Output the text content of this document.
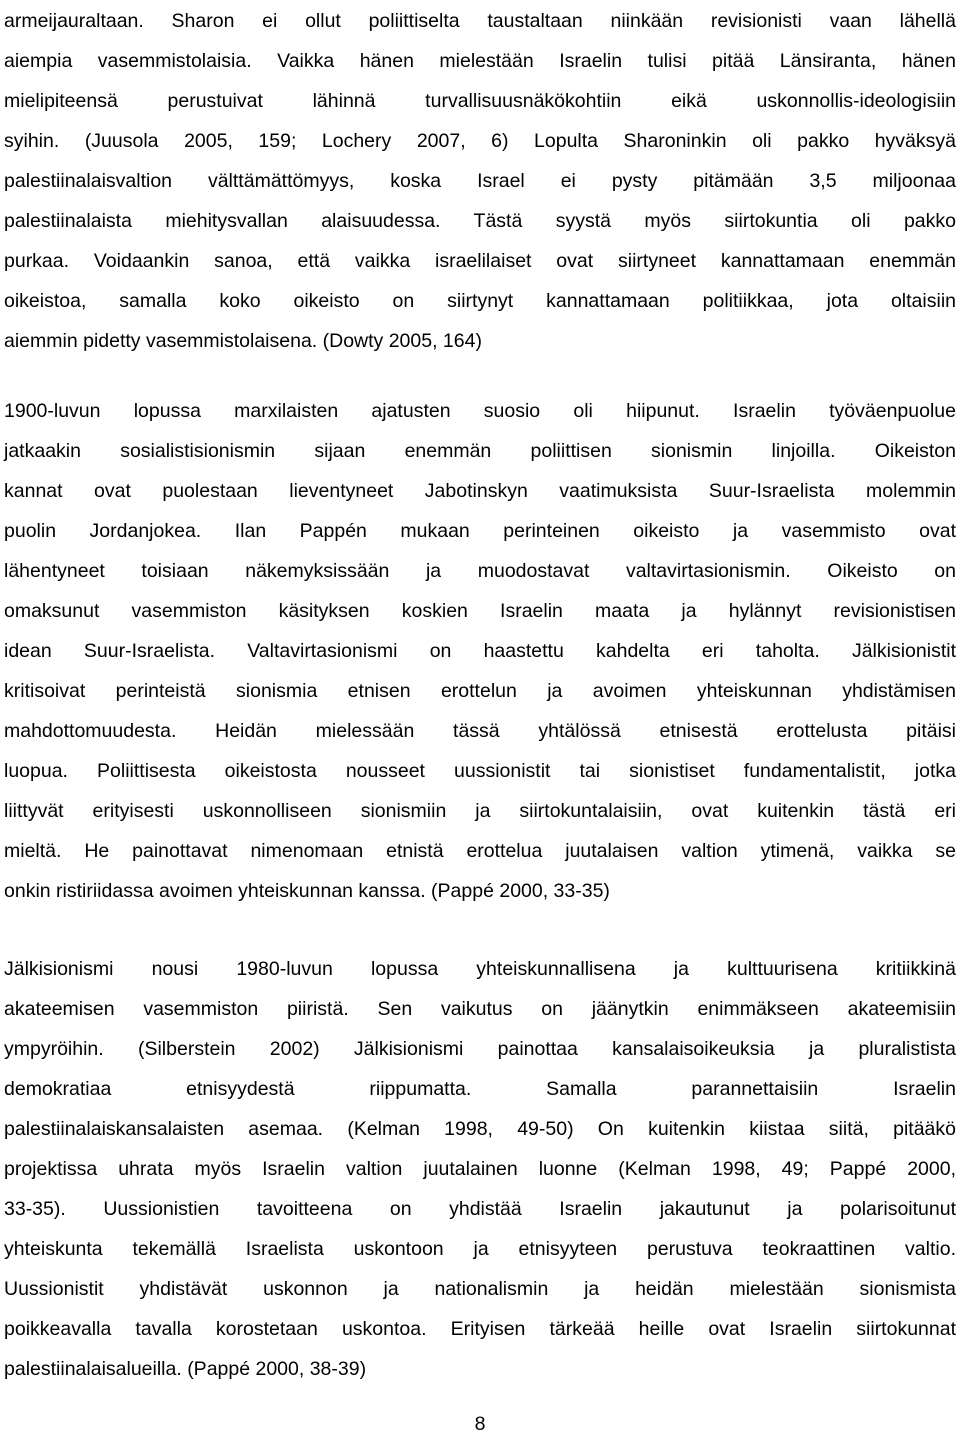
armeijauraltaan. Sharon ei ollut poliittiselta taustaltaan niinkään revisionisti vaan lähellä
aiempia vasemmistolaisia. Vaikka hänen mielestään Israelin tulisi pitää Länsiranta, hänen
mielipiteensä perustuivat lähinnä turvallisuusnäkökohtiin eikä uskonnollis-ideologisiin
syihin. (Juusola 2005, 159; Lochery 2007, 6) Lopulta Sharoninkin oli pakko hyväksyä
palestiinalaisvaltion välttämättömyys, koska Israel ei pysty pitämään 3,5 miljoonaa
palestiinalaista miehitysvallan alaisuudessa. Tästä syystä myös siirtokuntia oli pakko
purkaa. Voidaankin sanoa, että vaikka israelilaiset ovat siirtyneet kannattamaan enemmän
oikeistoa, samalla koko oikeisto on siirtynyt kannattamaan politiikkaa, jota oltaisiin
aiemmin pidetty vasemmistolaisena. (Dowty 2005, 164)
1900-luvun lopussa marxilaisten ajatusten suosio oli hiipunut. Israelin työväenpuolue
jatkaakin sosialistisionismin sijaan enemmän poliittisen sionismin linjoilla. Oikeiston
kannat ovat puolestaan lieventyneet Jabotinskyn vaatimuksista Suur-Israelista molemmin
puolin Jordanjokea. Ilan Pappén mukaan perinteinen oikeisto ja vasemmisto ovat
lähentyneet toisiaan näkemyksissään ja muodostavat valtavirtasionismin. Oikeisto on
omaksunut vasemmiston käsityksen koskien Israelin maata ja hylännyt revisionistisen
idean Suur-Israelista. Valtavirtasionismi on haastettu kahdelta eri taholta. Jälkisionistit
kritisoivat perinteistä sionismia etnisen erottelun ja avoimen yhteiskunnan yhdistämisen
mahdottomuudesta. Heidän mielessään tässä yhtälössä etnisestä erottelusta pitäisi
luopua. Poliittisesta oikeistosta nousseet uussionistit tai sionistiset fundamentalistit, jotka
liittyvät erityisesti uskonnolliseen sionismiin ja siirtokuntalaisiin, ovat kuitenkin tästä eri
mieltä. He painottavat nimenomaan etnistä erottelua juutalaisen valtion ytimenä, vaikka se
onkin ristiriidassa avoimen yhteiskunnan kanssa. (Pappé 2000, 33-35)
Jälkisionismi nousi 1980-luvun lopussa yhteiskunnallisena ja kulttuurisena kritiikkinä
akateemisen vasemmiston piiristä. Sen vaikutus on jäänytkin enimmäkseen akateemisiin
ympyröihin. (Silberstein 2002) Jälkisionismi painottaa kansalaisoikeuksia ja pluralistista
demokratiaa etnisyydestä riippumatta. Samalla parannettaisiin Israelin
palestiinalaiskansalaisten asemaa. (Kelman 1998, 49-50) On kuitenkin kiistaa siitä, pitääkö
projektissa uhrata myös Israelin valtion juutalainen luonne (Kelman 1998, 49; Pappé 2000,
33-35). Uussionistien tavoitteena on yhdistää Israelin jakautunut ja polarisoitunut
yhteiskunta tekemällä Israelista uskontoon ja etnisyyteen perustuva teokraattinen valtio.
Uussionistit yhdistävät uskonnon ja nationalismin ja heidän mielestään sionismista
poikkeavalla tavalla korostetaan uskontoa. Erityisen tärkeää heille ovat Israelin siirtokunnat
palestiinalaisalueilla. (Pappé 2000, 38-39)
8
